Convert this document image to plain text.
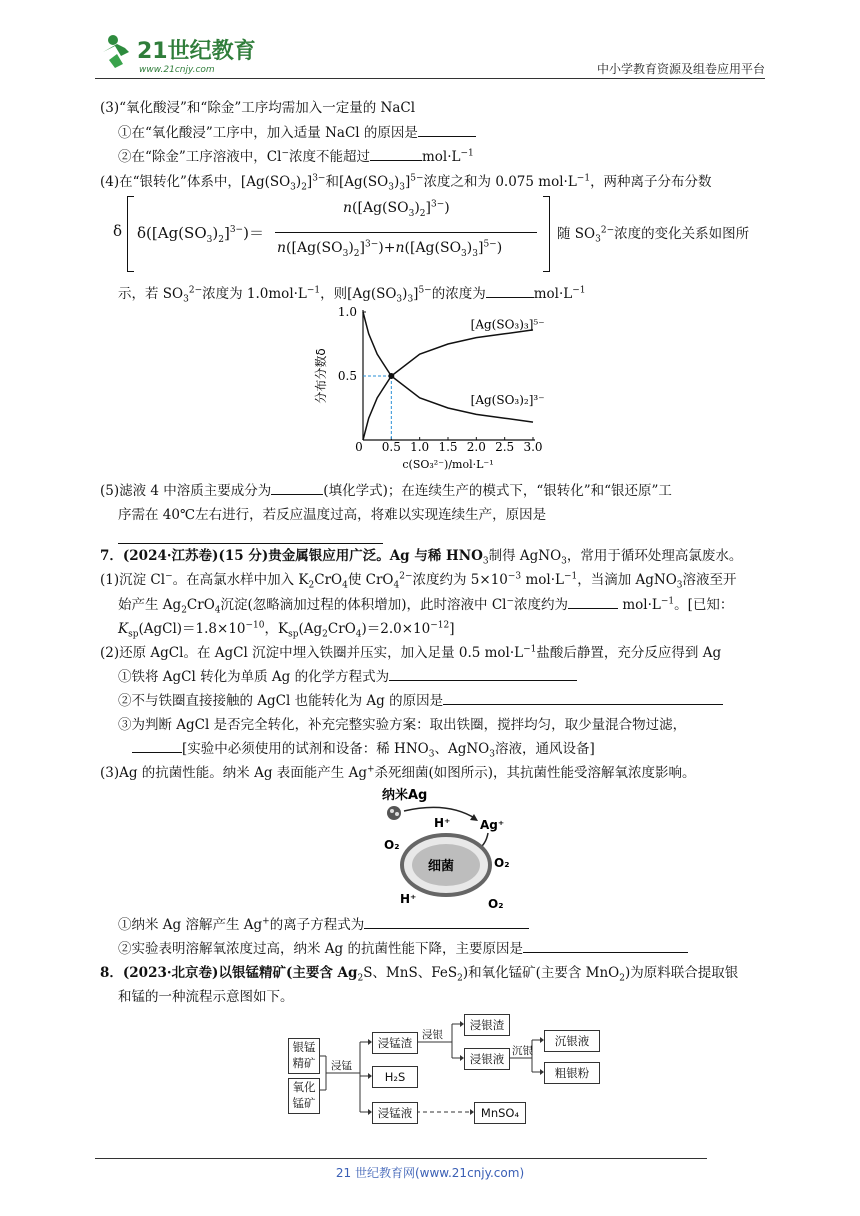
21世纪教育
www.21cnjy.com	中小学教育资源及组卷应用平台
(3)“氧化酸浸”和“除金”工序均需加入一定量的 NaCl
①在“氧化酸浸”工序中，加入适量 NaCl 的原因是
②在“除金”工序溶液中，Cl−浓度不能超过	$mol\cdot L^{-1}$
(4)在“银转化”体系中，$[Ag(SO_3)_2]^{3-}$和$[Ag(SO_3)_3]^{5-}$浓度之和为 0.075 $mol\cdot L^{-1}$，两种离子分布分数
δ $\delta([Ag(SO_3)_2]^{3-})=$
$n([Ag(SO_3)_2]^{3-})$
$n([Ag(SO_3)_2]^{3-})+n([Ag(SO_3)_3]^{5-})$
随 $SO_3^{2-}$浓度的变化关系如图所
示，若 $SO_3^{2-}$浓度为 $1.0mol\cdot L^{-1}$，则$[Ag(SO_3)_3]^{5-}$的浓度为	$mol\cdot L^{-1}$
0 0.5 1.0 1.5 2.0 2.5 3.0
0.5
1.0
c(SO₃²⁻)/mol·L⁻¹
分布分数δ
[Ag(SO₃)₃]⁵⁻
[Ag(SO₃)₂]³⁻
(5)滤液 4 中溶质主要成分为	(填化学式)；在连续生产的模式下，“银转化”和“银还原”工
序需在 40℃左右进行，若反应温度过高，将难以实现连续生产，原因是
7．(2024·江苏卷)(15 分)贵金属银应用广泛。Ag 与稀 $HNO_3$制得 AgNO$_3$，常用于循环处理高氯废水。
(1)沉淀 Cl−。在高氯水样中加入 $K_2CrO_4$使 CrO$_4^{2-}$浓度约为 $5\times 10^{-3}$ $mol\cdot L^{-1}$，当滴加 AgNO$_3$溶液至开
始产生 $Ag_2CrO_4$沉淀(忽略滴加过程的体积增加)，此时溶液中 Cl−浓度约为	$mol\cdot L^{-1}$。[已知：
$K_{sp}(AgCl)=1.8\times 10^{-10}$，$K_{sp}(Ag_2CrO_4)=2.0\times 10^{-12}$]
(2)还原 AgCl。在 AgCl 沉淀中埋入铁圈并压实，加入足量 0.5 $mol\cdot L^{-1}$盐酸后静置，充分反应得到 Ag
①铁将 AgCl 转化为单质 Ag 的化学方程式为
②不与铁圈直接接触的 AgCl 也能转化为 Ag 的原因是
③为判断 AgCl 是否完全转化，补充完整实验方案：取出铁圈，搅拌均匀，取少量混合物过滤，
[实验中必须使用的试剂和设备：稀 $HNO_3$、AgNO$_3$溶液，通风设备]
(3)Ag 的抗菌性能。纳米 Ag 表面能产生 Ag+杀死细菌(如图所示)，其抗菌性能受溶解氧浓度影响。
纳米Ag
H⁺ Ag⁺
细菌
O₂
O₂
O₂
H⁺
①纳米 Ag 溶解产生 Ag+的离子方程式为
②实验表明溶解氧浓度过高，纳米 Ag 的抗菌性能下降，主要原因是
8．(2023·北京卷)以银锰精矿(主要含 $Ag_2S$、MnS、FeS$_2$)和氧化锰矿(主要含 MnO$_2$)为原料联合提取银
和锰的一种流程示意图如下。
银锰
精矿
氧化
锰矿
浸锰
浸锰渣
H₂S
浸锰液
浸银
浸银渣
浸银液
沉银
沉银液
粗银粉
MnSO₄
21 世纪教育网(www.21cnjy.com)
